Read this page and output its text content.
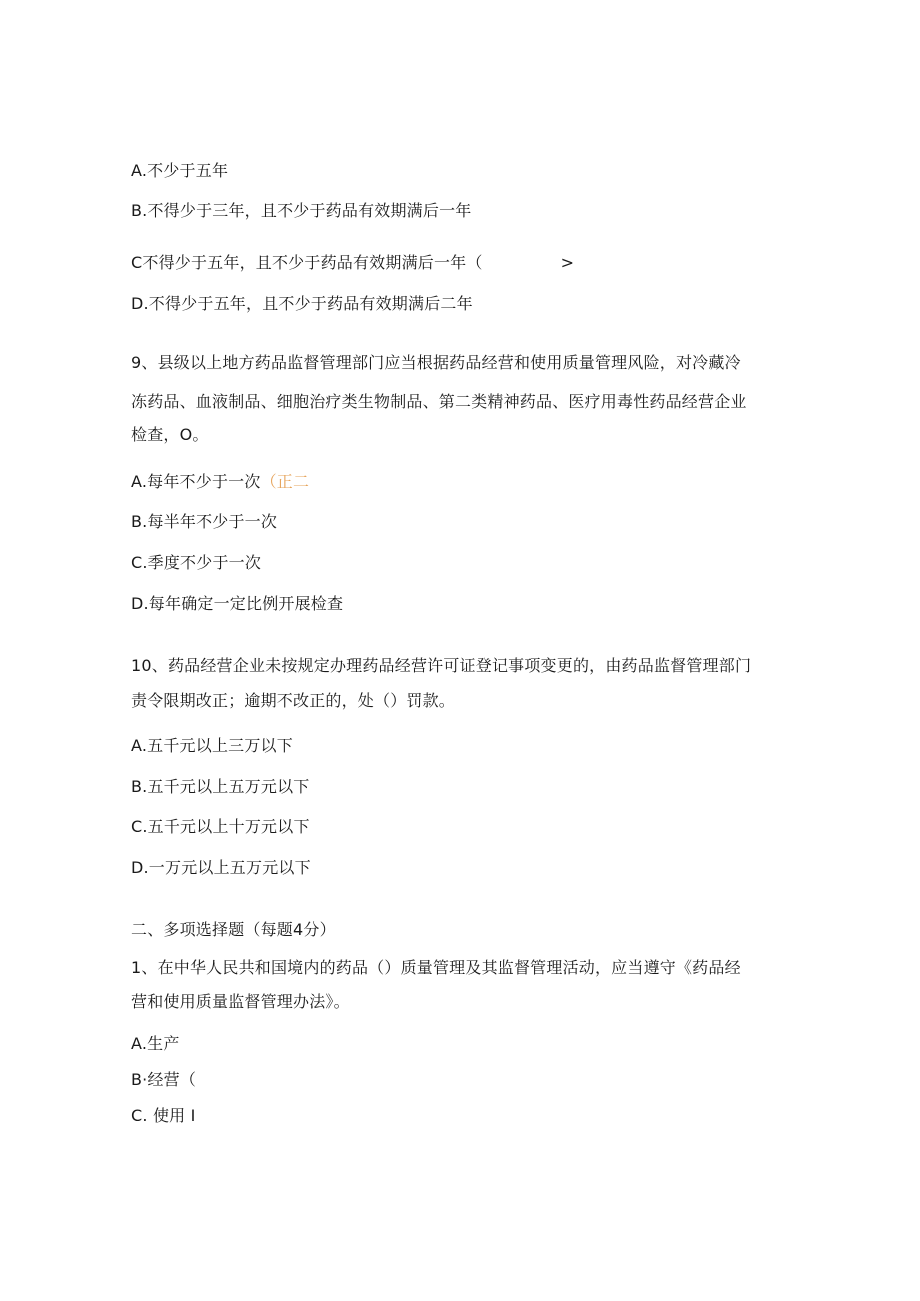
A.不少于五年
B.不得少于三年，且不少于药品有效期满后一年
C不得少于五年，且不少于药品有效期满后一年（	>
D.不得少于五年，且不少于药品有效期满后二年
9、县级以上地方药品监督管理部门应当根据药品经营和使用质量管理风险，对冷藏冷
冻药品、血液制品、细胞治疗类生物制品、第二类精神药品、医疗用毒性药品经营企业
检查，O。
A.每年不少于一次（正二
B.每半年不少于一次
C.季度不少于一次
D.每年确定一定比例开展检查
10、药品经营企业未按规定办理药品经营许可证登记事项变更的，由药品监督管理部门
责令限期改正；逾期不改正的，处（）罚款。
A.五千元以上三万以下
B.五千元以上五万元以下
C.五千元以上十万元以下
D.一万元以上五万元以下
二、多项选择题（每题4分）
1、在中华人民共和国境内的药品（）质量管理及其监督管理活动，应当遵守《药品经
营和使用质量监督管理办法》。
A.生产
B·经营（
C. 使用 I
